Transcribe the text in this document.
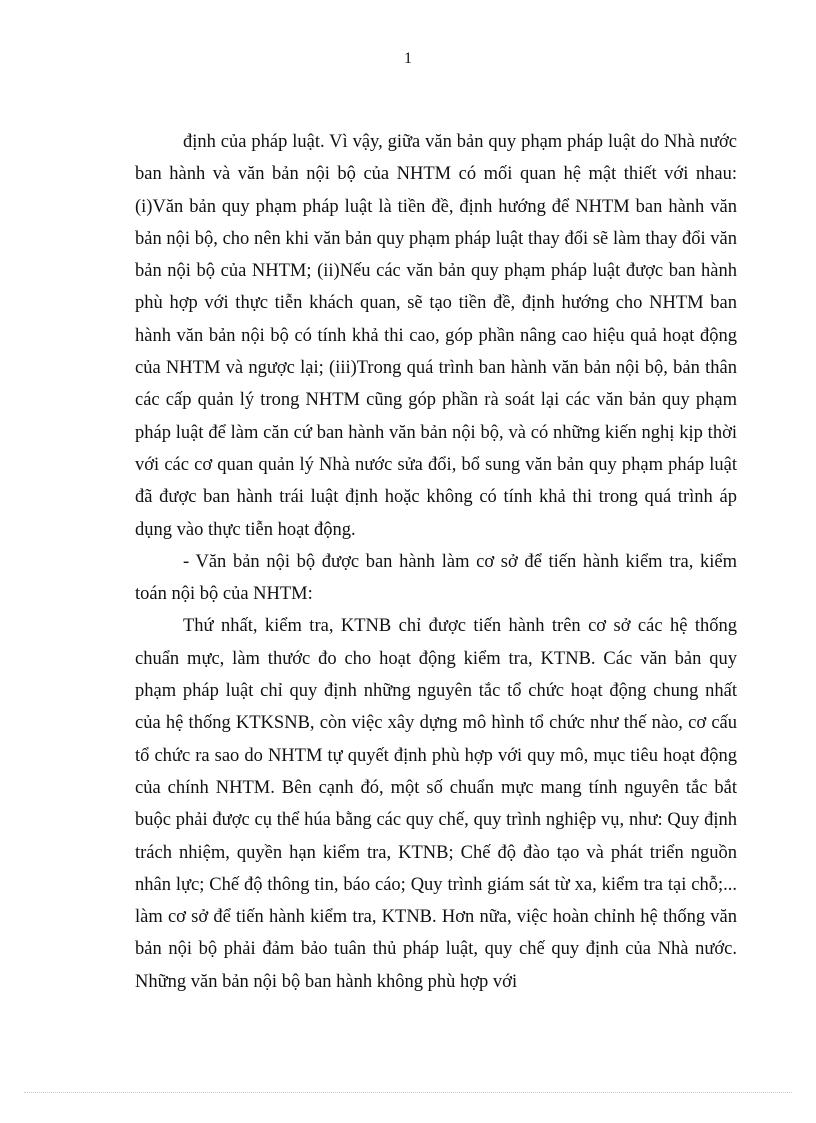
1

định của pháp luật. Vì vậy, giữa văn bản quy phạm pháp luật do Nhà nước ban hành và văn bản nội bộ của NHTM có mối quan hệ mật thiết với nhau: (i)Văn bản quy phạm pháp luật là tiền đề, định hướng để NHTM ban hành văn bản nội bộ, cho nên khi văn bản quy phạm pháp luật thay đổi sẽ làm thay đổi văn bản nội bộ của NHTM; (ii)Nếu các văn bản quy phạm pháp luật được ban hành phù hợp với thực tiễn khách quan, sẽ tạo tiền đề, định hướng cho NHTM ban hành văn bản nội bộ có tính khả thi cao, góp phần nâng cao hiệu quả hoạt động của NHTM và ngược lại; (iii)Trong quá trình ban hành văn bản nội bộ, bản thân các cấp quản lý trong NHTM cũng góp phần rà soát lại các văn bản quy phạm pháp luật để làm căn cứ ban hành văn bản nội bộ, và có những kiến nghị kịp thời với các cơ quan quản lý Nhà nước sửa đổi, bổ sung văn bản quy phạm pháp luật đã được ban hành trái luật định hoặc không có tính khả thi trong quá trình áp dụng vào thực tiễn hoạt động.

- Văn bản nội bộ được ban hành làm cơ sở để tiến hành kiểm tra, kiểm toán nội bộ của NHTM:

Thứ nhất, kiểm tra, KTNB chỉ được tiến hành trên cơ sở các hệ thống chuẩn mực, làm thước đo cho hoạt động kiểm tra, KTNB. Các văn bản quy phạm pháp luật chỉ quy định những nguyên tắc tổ chức hoạt động chung nhất của hệ thống KTKSNB, còn việc xây dựng mô hình tổ chức như thế nào, cơ cấu tổ chức ra sao do NHTM tự quyết định phù hợp với quy mô, mục tiêu hoạt động của chính NHTM. Bên cạnh đó, một số chuẩn mực mang tính nguyên tắc bắt buộc phải được cụ thể húa bằng các quy chế, quy trình nghiệp vụ, như: Quy định trách nhiệm, quyền hạn kiểm tra, KTNB; Chế độ đào tạo và phát triển nguồn nhân lực; Chế độ thông tin, báo cáo; Quy trình giám sát từ xa, kiểm tra tại chỗ;... làm cơ sở để tiến hành kiểm tra, KTNB. Hơn nữa, việc hoàn chỉnh hệ thống văn bản nội bộ phải đảm bảo tuân thủ pháp luật, quy chế quy định của Nhà nước. Những văn bản nội bộ ban hành không phù hợp với
